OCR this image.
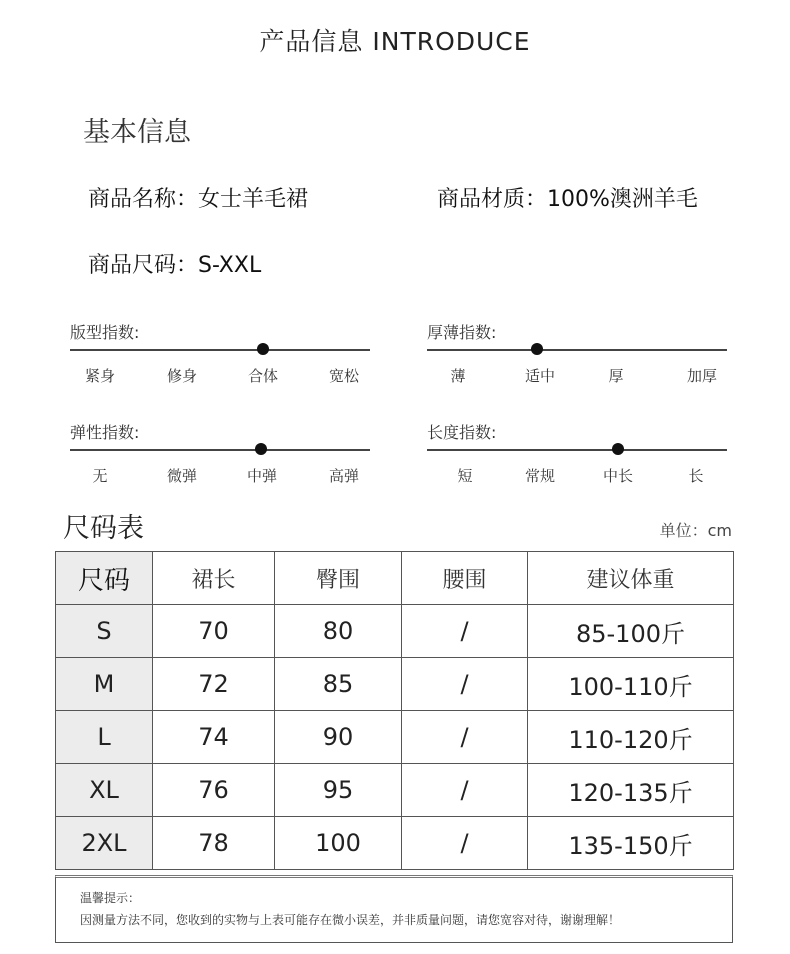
产品信息 INTRODUCE
基本信息
商品名称：女士羊毛裙	商品材质：100%澳洲羊毛
商品尺码：S-XXL
版型指数:
紧身	修身	合体	宽松
厚薄指数:
薄	适中	厚	加厚
弹性指数:
无	微弹	中弹	高弹
长度指数:
短	常规	中长	长
尺码表	单位：cm
尺码	裙长	臀围	腰围	建议体重
S	70	80	/	85-100斤
M	72	85	/	100-110斤
L	74	90	/	110-120斤
XL	76	95	/	120-135斤
2XL	78	100	/	135-150斤
温馨提示：
因测量方法不同，您收到的实物与上表可能存在微小误差，并非质量问题，请您宽容对待，谢谢理解！
